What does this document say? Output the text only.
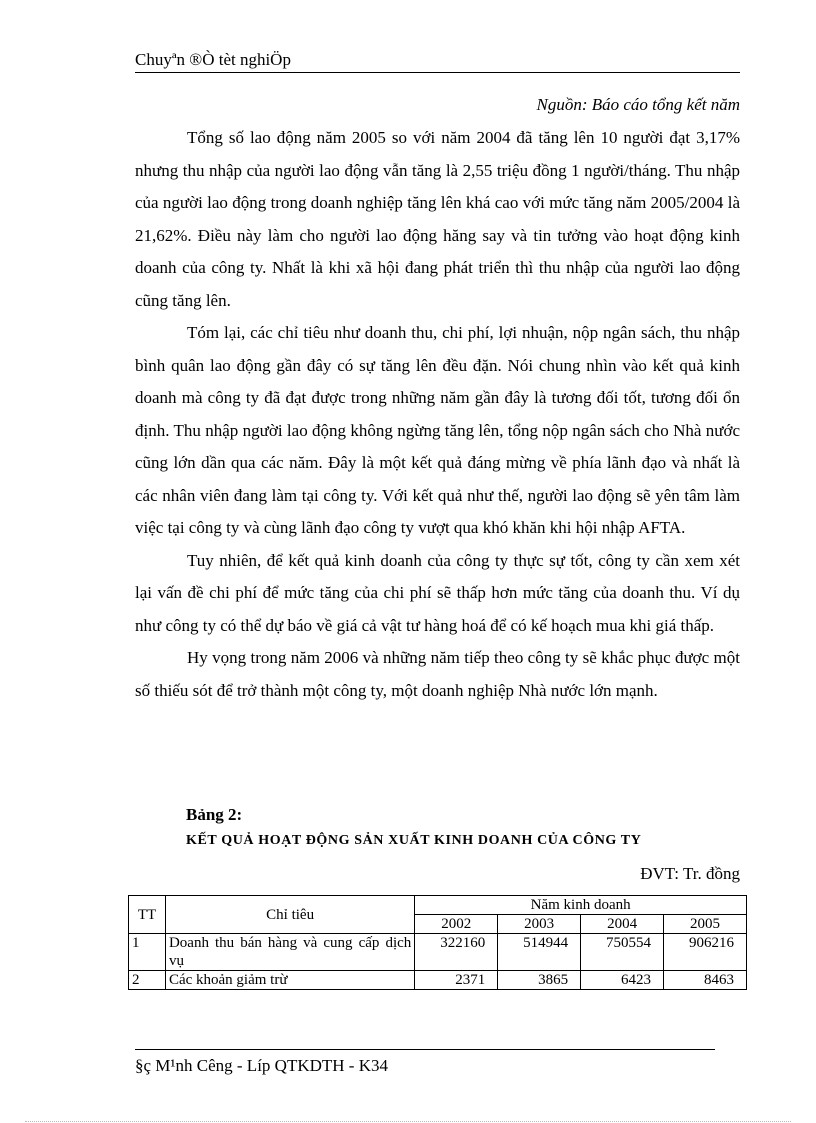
Chuyªn ®Ò tèt nghiÖp
Nguồn: Báo cáo tổng kết năm

Tổng số lao động năm 2005 so với năm 2004 đã tăng lên 10 người đạt 3,17% nhưng thu nhập của người lao động vẫn tăng là 2,55 triệu đồng 1 người/tháng. Thu nhập của người lao động trong doanh nghiệp tăng lên khá cao với mức tăng năm 2005/2004 là 21,62%. Điều này làm cho người lao động hăng say và tin tưởng vào hoạt động kinh doanh của công ty. Nhất là khi xã hội đang phát triển thì thu nhập của người lao động cũng tăng lên.

Tóm lại, các chỉ tiêu như doanh thu, chi phí, lợi nhuận, nộp ngân sách, thu nhập bình quân lao động gần đây có sự tăng lên đều đặn. Nói chung nhìn vào kết quả kinh doanh mà công ty đã đạt được trong những năm gần đây là tương đối tốt, tương đối ổn định. Thu nhập người lao động không ngừng tăng lên, tổng nộp ngân sách cho Nhà nước cũng lớn dần qua các năm. Đây là một kết quả đáng mừng về phía lãnh đạo và nhất là các nhân viên đang làm tại công ty. Với kết quả như thế, người lao động sẽ yên tâm làm việc tại công ty và cùng lãnh đạo công ty vượt qua khó khăn khi hội nhập AFTA.

Tuy nhiên, để kết quả kinh doanh của công ty thực sự tốt, công ty cần xem xét lại vấn đề chi phí để mức tăng của chi phí sẽ thấp hơn mức tăng của doanh thu. Ví dụ như công ty có thể dự báo về giá cả vật tư hàng hoá để có kế hoạch mua khi giá thấp.

Hy vọng trong năm 2006 và những năm tiếp theo công ty sẽ khắc phục được một số thiếu sót để trở thành một công ty, một doanh nghiệp Nhà nước lớn mạnh.

Bảng 2:
KẾT QUẢ HOẠT ĐỘNG SẢN XUẤT KINH DOANH CỦA CÔNG TY
ĐVT: Tr. đồng
TT	Chỉ tiêu	Năm kinh doanh			
		2002	2003	2004	2005
1	Doanh thu bán hàng và cung cấp dịch vụ	322160	514944	750554	906216
2	Các khoản giảm trừ	2371	3865	6423	8463
§ç M¹nh Cêng - Líp QTKDTH - K34
